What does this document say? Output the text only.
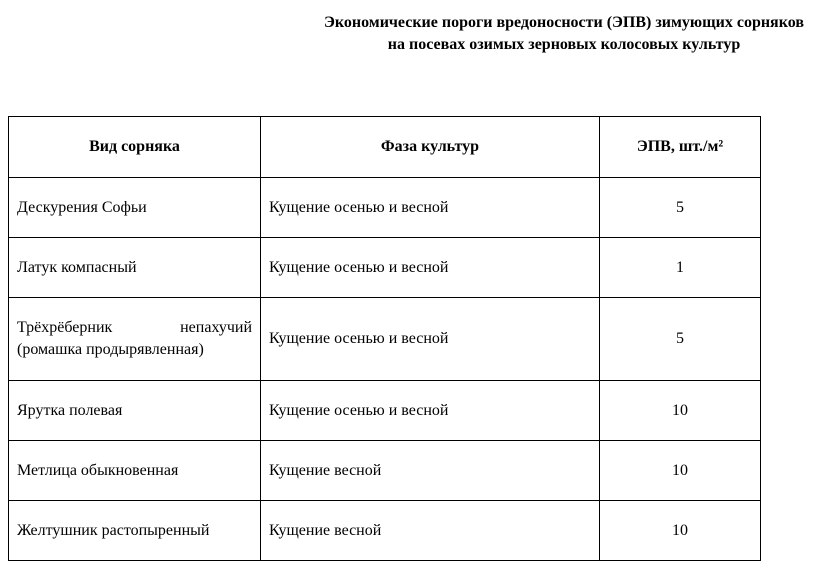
Экономические пороги вредоносности (ЭПВ) зимующих сорняков
на посевах озимых зерновых колосовых культур
Вид сорняка	Фаза культур	ЭПВ, шт./м²
Дескурения Софьи	Кущение осенью и весной	5
Латук компасный	Кущение осенью и весной	1
Трёхрёберник непахучий (ромашка продырявленная)	Кущение осенью и весной	5
Ярутка полевая	Кущение осенью и весной	10
Метлица обыкновенная	Кущение весной	10
Желтушник растопыренный	Кущение весной	10
